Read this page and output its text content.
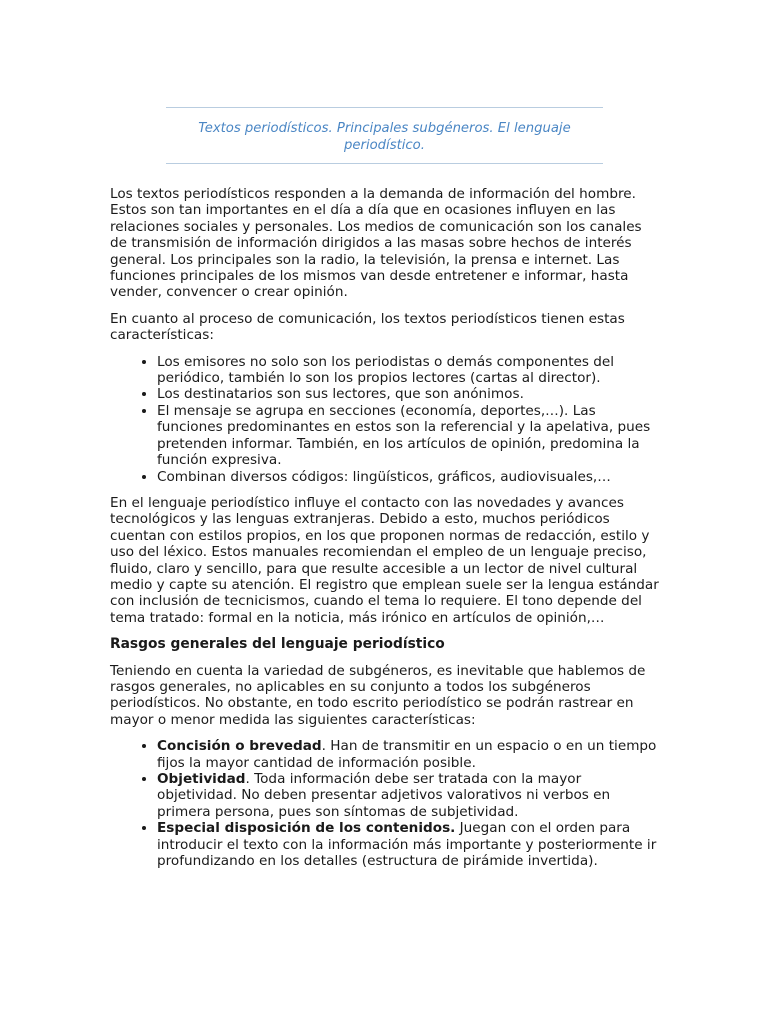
Textos periodísticos. Principales subgéneros. El lenguaje periodístico.

Los textos periodísticos responden a la demanda de información del hombre. Estos son tan importantes en el día a día que en ocasiones influyen en las relaciones sociales y personales. Los medios de comunicación son los canales de transmisión de información dirigidos a las masas sobre hechos de interés general. Los principales son la radio, la televisión, la prensa e internet. Las funciones principales de los mismos van desde entretener e informar, hasta vender, convencer o crear opinión.

En cuanto al proceso de comunicación, los textos periodísticos tienen estas características:

• Los emisores no solo son los periodistas o demás componentes del periódico, también lo son los propios lectores (cartas al director).
• Los destinatarios son sus lectores, que son anónimos.
• El mensaje se agrupa en secciones (economía, deportes,…). Las funciones predominantes en estos son la referencial y la apelativa, pues pretenden informar. También, en los artículos de opinión, predomina la función expresiva.
• Combinan diversos códigos: lingüísticos, gráficos, audiovisuales,…

En el lenguaje periodístico influye el contacto con las novedades y avances tecnológicos y las lenguas extranjeras. Debido a esto, muchos periódicos cuentan con estilos propios, en los que proponen normas de redacción, estilo y uso del léxico. Estos manuales recomiendan el empleo de un lenguaje preciso, fluido, claro y sencillo, para que resulte accesible a un lector de nivel cultural medio y capte su atención. El registro que emplean suele ser la lengua estándar con inclusión de tecnicismos, cuando el tema lo requiere. El tono depende del tema tratado: formal en la noticia, más irónico en artículos de opinión,…

Rasgos generales del lenguaje periodístico

Teniendo en cuenta la variedad de subgéneros, es inevitable que hablemos de rasgos generales, no aplicables en su conjunto a todos los subgéneros periodísticos. No obstante, en todo escrito periodístico se podrán rastrear en mayor o menor medida las siguientes características:

• Concisión o brevedad. Han de transmitir en un espacio o en un tiempo fijos la mayor cantidad de información posible.
• Objetividad. Toda información debe ser tratada con la mayor objetividad. No deben presentar adjetivos valorativos ni verbos en primera persona, pues son síntomas de subjetividad.
• Especial disposición de los contenidos. Juegan con el orden para introducir el texto con la información más importante y posteriormente ir profundizando en los detalles (estructura de pirámide invertida).
